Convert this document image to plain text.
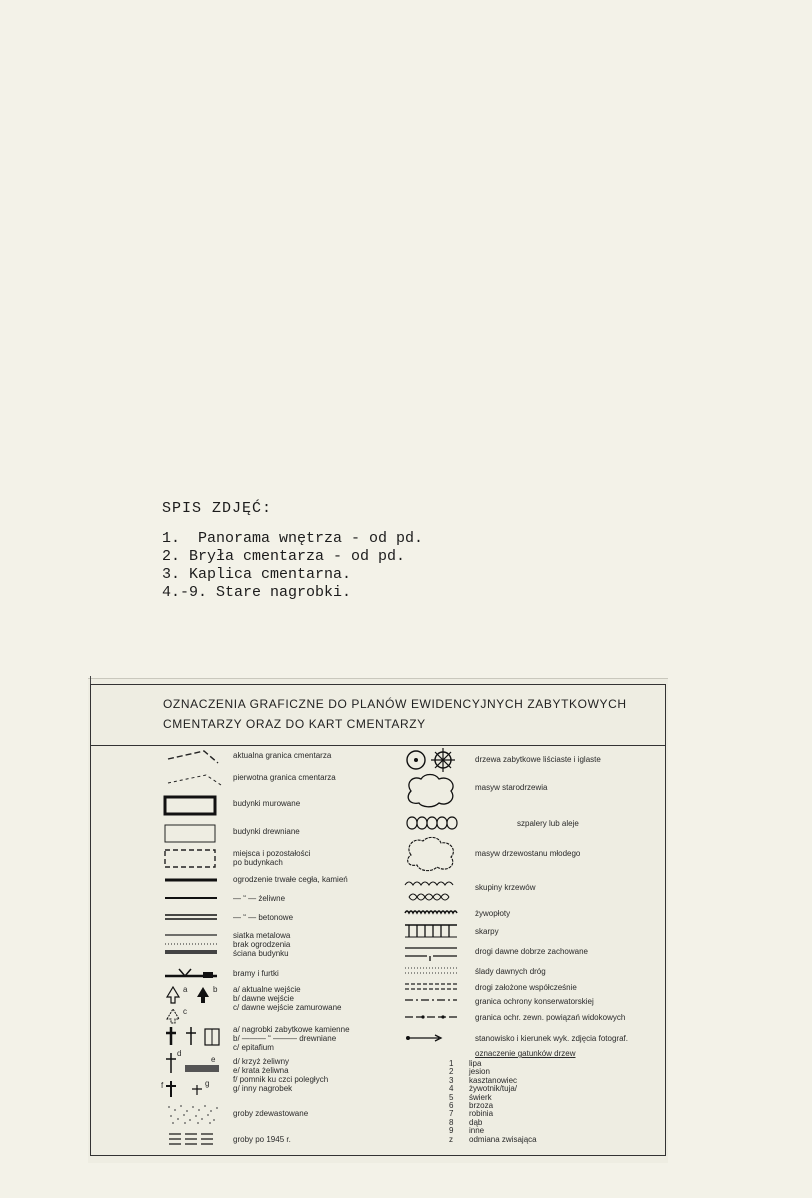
SPIS ZDJĘĆ:
1.  Panorama wnętrza - od pd.
2. Bryła cmentarza - od pd.
3. Kaplica cmentarna.
4.-9. Stare nagrobki.
OZNACZENIA GRAFICZNE DO PLANÓW EWIDENCYJNYCH ZABYTKOWYCH
CMENTARZY ORAZ DO KART CMENTARZY
aktualna granica cmentarza
pierwotna granica cmentarza
budynki murowane
budynki drewniane
miejsca i pozostałości
po budynkach
ogrodzenie trwałe cegła, kamień
— “ — żeliwne
— “ — betonowe
siatka metalowa
brak ogrodzenia
ściana budynku
bramy i furtki
a	b
c
a/ aktualne wejście
b/ dawne wejście
c/ dawne wejście zamurowane
a/ nagrobki zabytkowe kamienne
b/ ——— “ ——— drewniane
c/ epitafium
d
e d/ krzyż żeliwny
e/ krata żeliwna
f/ pomnik ku czci poległych
g/ inny nagrobek
f	g
groby zdewastowane
groby po 1945 r.
drzewa zabytkowe liściaste i iglaste
masyw starodrzewia
szpalery lub aleje
masyw drzewostanu młodego
skupiny krzewów
żywopłoty
skarpy
drogi dawne dobrze zachowane
ślady dawnych dróg
drogi założone współcześnie
granica ochrony konserwatorskiej
granica ochr. zewn. powiązań widokowych
stanowisko i kierunek wyk. zdjęcia fotograf.
oznaczenie gatunków drzew
1 lipa
2 jesion
3 kasztanowiec
4 żywotnik/tuja/
5 świerk
6 brzoza
7 robinia
8 dąb
9 inne
z odmiana zwisająca
